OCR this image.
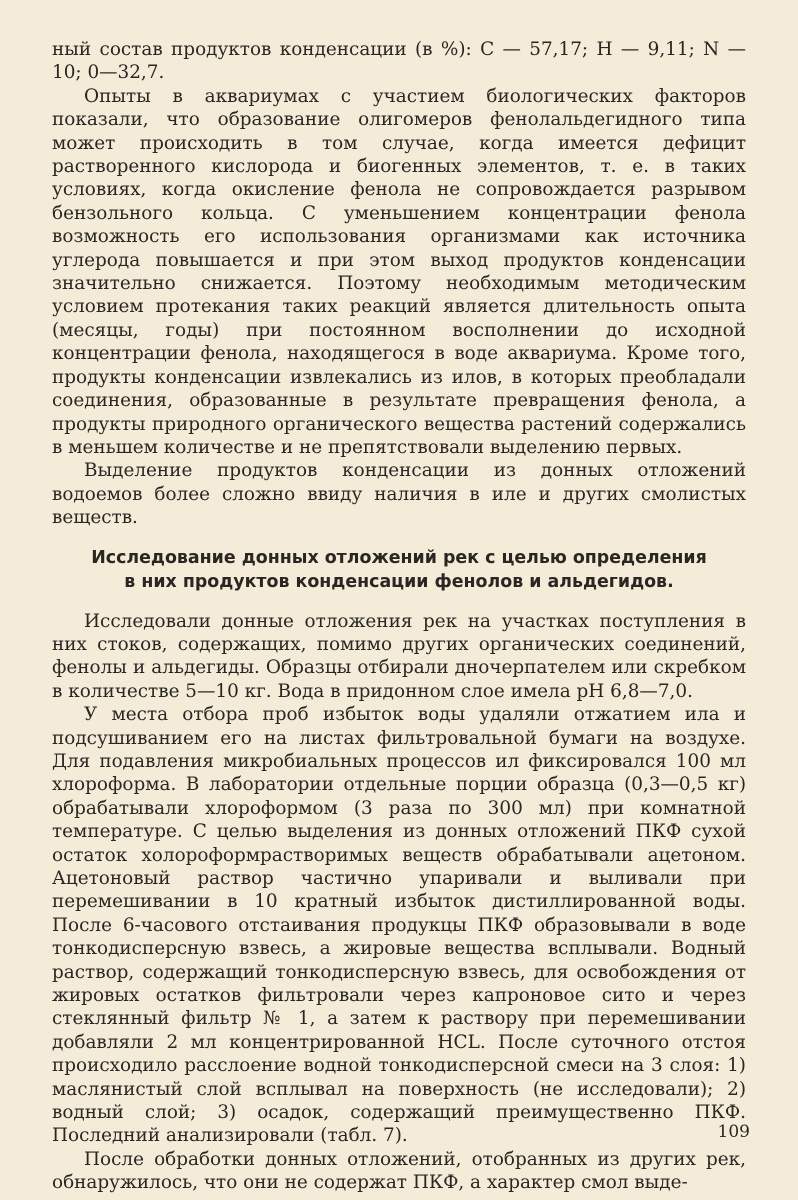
ный состав продуктов конденсации (в %): C — 57,17; H — 9,11; N — 10; 0—32,7.

Опыты в аквариумах с участием биологических факторов показали, что образование олигомеров фенолальдегидного типа может происходить в том случае, когда имеется дефицит растворенного кислорода и биогенных элементов, т. е. в таких условиях, когда окисление фенола не сопровождается разрывом бензольного кольца. С уменьшением концентрации фенола возможность его использования организмами как источника углерода повышается и при этом выход продуктов конденсации значительно снижается. Поэтому необходимым методическим условием протекания таких реакций является длительность опыта (месяцы, годы) при постоянном восполнении до исходной концентрации фенола, находящегося в воде аквариума. Кроме того, продукты конденсации извлекались из илов, в которых преобладали соединения, образованные в результате превращения фенола, а продукты природного органического вещества растений содержались в меньшем количестве и не препятствовали выделению первых.

Выделение продуктов конденсации из донных отложений водоемов более сложно ввиду наличия в иле и других смолистых веществ.

Исследование донных отложений рек с целью определения
в них продуктов конденсации фенолов и альдегидов.

Исследовали донные отложения рек на участках поступления в них стоков, содержащих, помимо других органических соединений, фенолы и альдегиды. Образцы отбирали дночерпателем или скребком в количестве 5—10 кг. Вода в придонном слое имела pH 6,8—7,0.

У места отбора проб избыток воды удаляли отжатием ила и подсушиванием его на листах фильтровальной бумаги на воздухе. Для подавления микробиальных процессов ил фиксировался 100 мл хлороформа. В лаборатории отдельные порции образца (0,3—0,5 кг) обрабатывали хлороформом (3 раза по 300 мл) при комнатной температуре. С целью выделения из донных отложений ПКФ сухой остаток холороформрастворимых веществ обрабатывали ацетоном. Ацетоновый раствор частично упаривали и выливали при перемешивании в 10 кратный избыток дистиллированной воды. После 6-часового отстаивания продукцы ПКФ образовывали в воде тонкодисперсную взвесь, а жировые вещества всплывали. Водный раствор, содержащий тонкодисперсную взвесь, для освобождения от жировых остатков фильтровали через капроновое сито и через стеклянный фильтр № 1, а затем к раствору при перемешивании добавляли 2 мл концентрированной HCL. После суточного отстоя происходило расслоение водной тонкодисперсной смеси на 3 слоя: 1) маслянистый слой всплывал на поверхность (не исследовали); 2) водный слой; 3) осадок, содержащий преимущественно ПКФ. Последний анализировали (табл. 7).

После обработки донных отложений, отобранных из других рек, обнаружилось, что они не содержат ПКФ, а характер смол выде-

109
